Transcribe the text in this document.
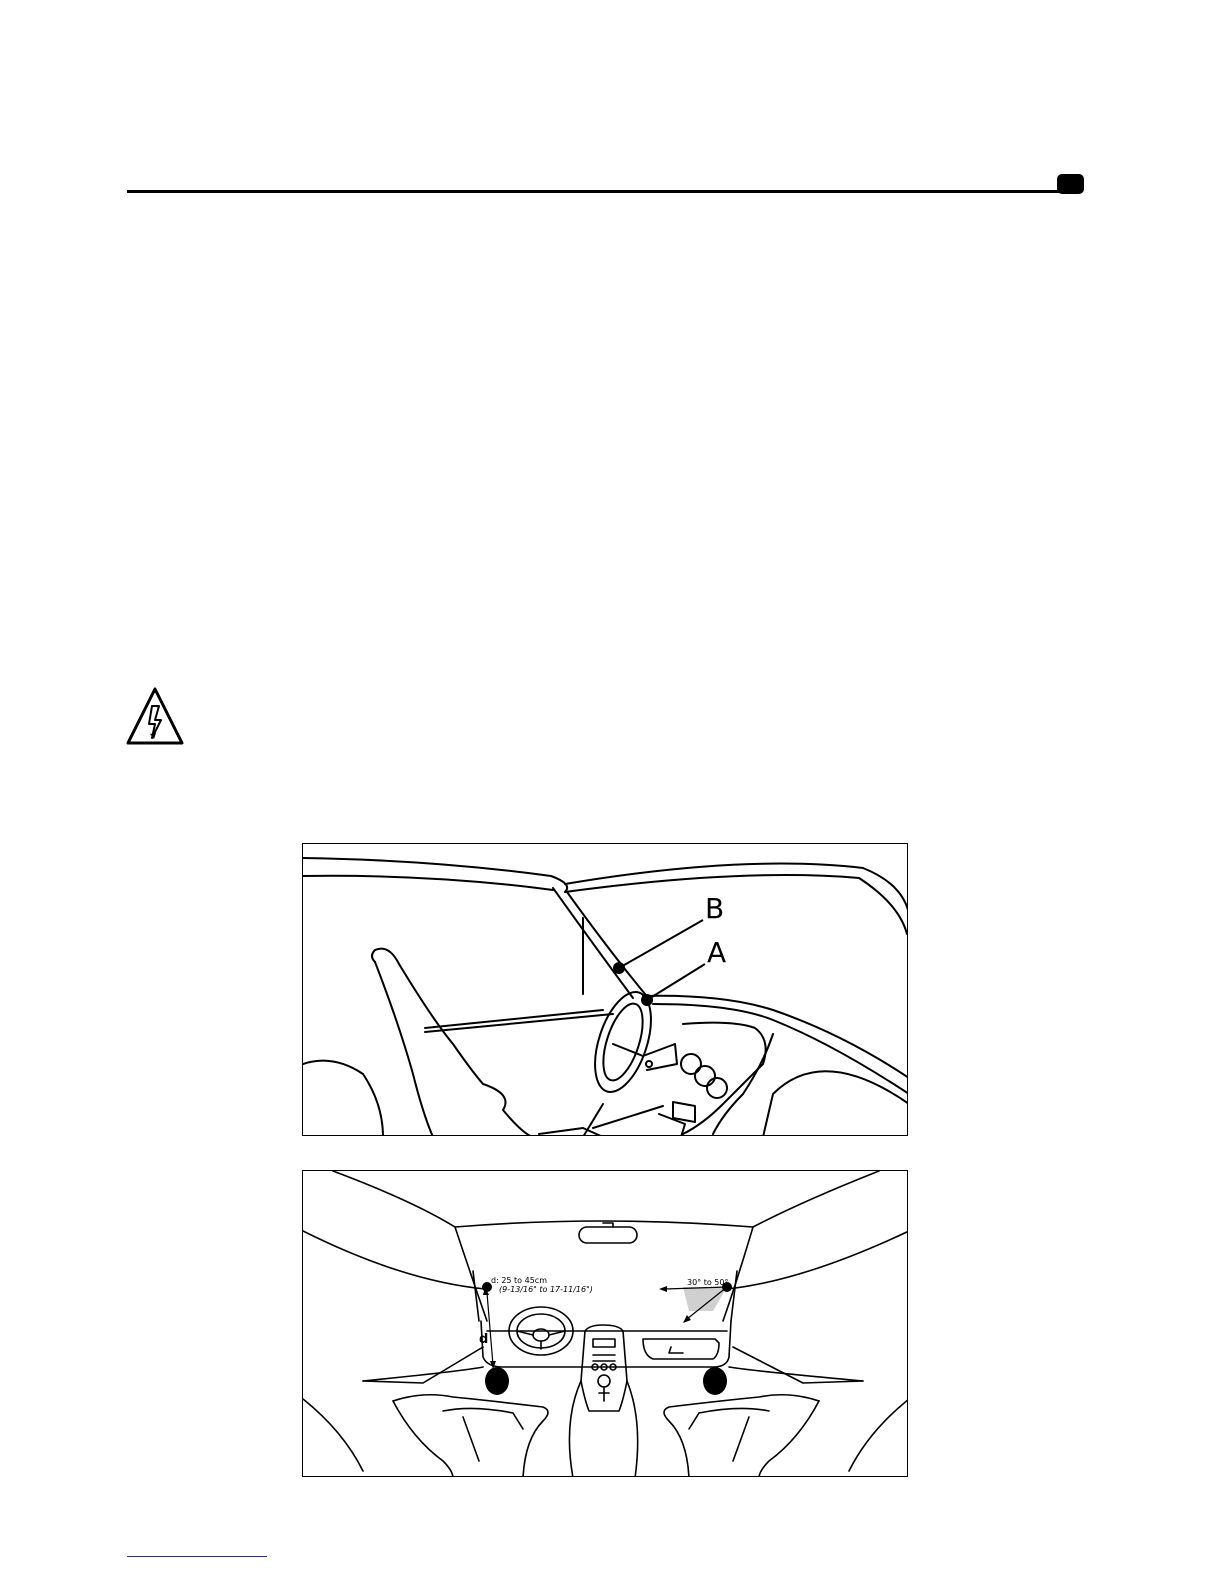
B
A
d: 25 to 45cm
(9-13/16" to 17-11/16")
30° to 50°
d
